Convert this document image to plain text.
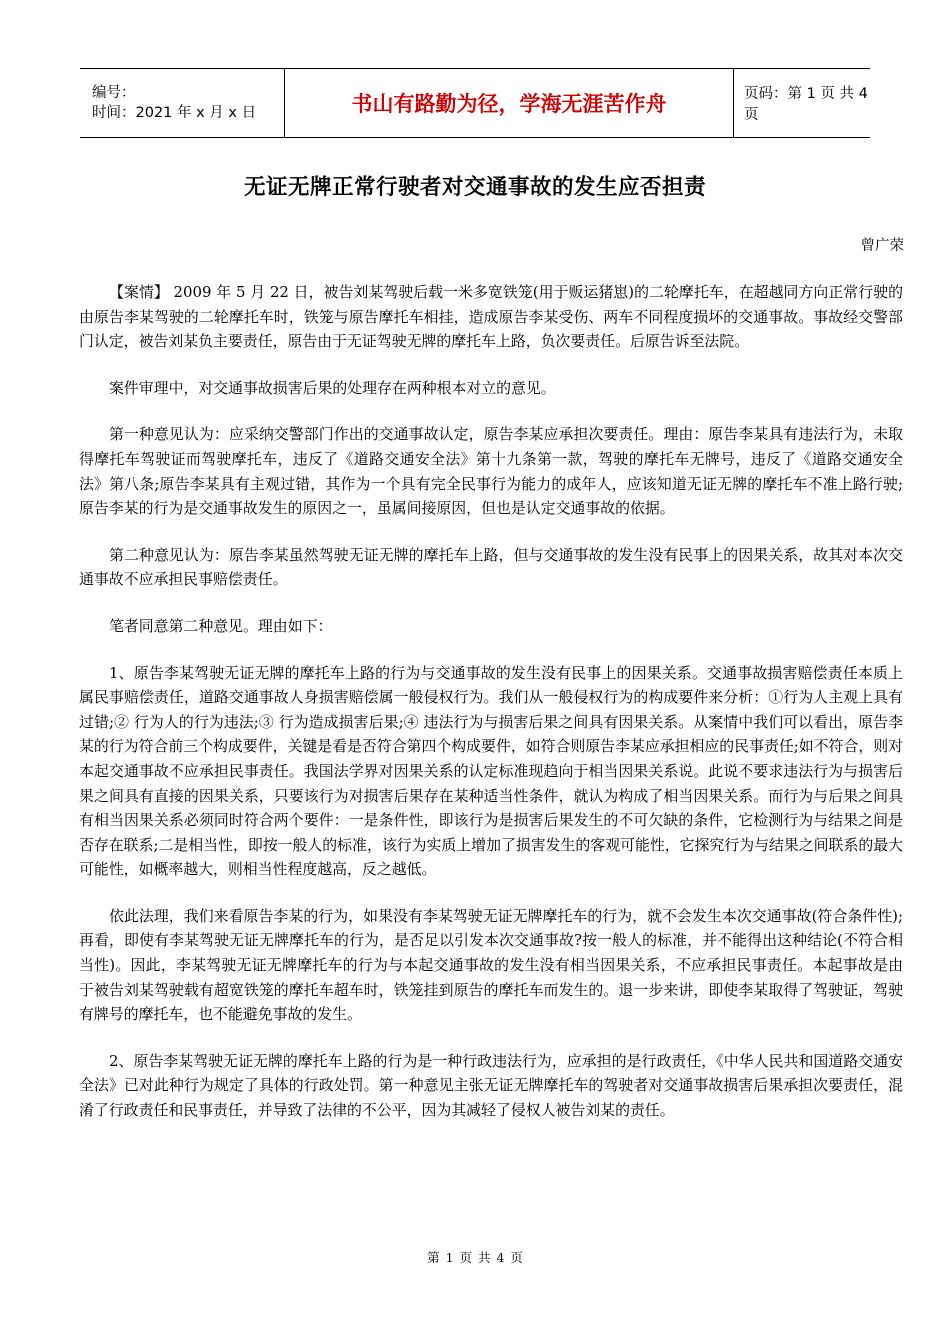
编号：
时间：2021 年 x 月 x 日	书山有路勤为径，学海无涯苦作舟	页码：第 1 页 共 4 页
无证无牌正常行驶者对交通事故的发生应否担责
曾广荣

【案情】 2009 年 5 月 22 日，被告刘某驾驶后载一米多宽铁笼(用于贩运猪崽)的二轮摩托车，在超越同方向正常行驶的由原告李某驾驶的二轮摩托车时，铁笼与原告摩托车相挂，造成原告李某受伤、两车不同程度损坏的交通事故。事故经交警部门认定，被告刘某负主要责任，原告由于无证驾驶无牌的摩托车上路，负次要责任。后原告诉至法院。

案件审理中，对交通事故损害后果的处理存在两种根本对立的意见。

第一种意见认为：应采纳交警部门作出的交通事故认定，原告李某应承担次要责任。理由：原告李某具有违法行为，未取得摩托车驾驶证而驾驶摩托车，违反了《道路交通安全法》第十九条第一款，驾驶的摩托车无牌号，违反了《道路交通安全法》第八条;原告李某具有主观过错，其作为一个具有完全民事行为能力的成年人，应该知道无证无牌的摩托车不准上路行驶;原告李某的行为是交通事故发生的原因之一，虽属间接原因，但也是认定交通事故的依据。

第二种意见认为：原告李某虽然驾驶无证无牌的摩托车上路，但与交通事故的发生没有民事上的因果关系，故其对本次交通事故不应承担民事赔偿责任。

笔者同意第二种意见。理由如下：

1、原告李某驾驶无证无牌的摩托车上路的行为与交通事故的发生没有民事上的因果关系。交通事故损害赔偿责任本质上属民事赔偿责任，道路交通事故人身损害赔偿属一般侵权行为。我们从一般侵权行为的构成要件来分析：①行为人主观上具有过错;② 行为人的行为违法;③ 行为造成损害后果;④ 违法行为与损害后果之间具有因果关系。从案情中我们可以看出，原告李某的行为符合前三个构成要件，关键是看是否符合第四个构成要件，如符合则原告李某应承担相应的民事责任;如不符合，则对本起交通事故不应承担民事责任。我国法学界对因果关系的认定标准现趋向于相当因果关系说。此说不要求违法行为与损害后果之间具有直接的因果关系，只要该行为对损害后果存在某种适当性条件，就认为构成了相当因果关系。而行为与后果之间具有相当因果关系必须同时符合两个要件：一是条件性，即该行为是损害后果发生的不可欠缺的条件，它检测行为与结果之间是否存在联系;二是相当性，即按一般人的标准，该行为实质上增加了损害发生的客观可能性，它探究行为与结果之间联系的最大可能性，如概率越大，则相当性程度越高，反之越低。

依此法理，我们来看原告李某的行为，如果没有李某驾驶无证无牌摩托车的行为，就不会发生本次交通事故(符合条件性);再看，即使有李某驾驶无证无牌摩托车的行为，是否足以引发本次交通事故?按一般人的标准，并不能得出这种结论(不符合相当性)。因此，李某驾驶无证无牌摩托车的行为与本起交通事故的发生没有相当因果关系，不应承担民事责任。本起事故是由于被告刘某驾驶载有超宽铁笼的摩托车超车时，铁笼挂到原告的摩托车而发生的。退一步来讲，即使李某取得了驾驶证，驾驶有牌号的摩托车，也不能避免事故的发生。

2、原告李某驾驶无证无牌的摩托车上路的行为是一种行政违法行为，应承担的是行政责任，《中华人民共和国道路交通安全法》已对此种行为规定了具体的行政处罚。第一种意见主张无证无牌摩托车的驾驶者对交通事故损害后果承担次要责任，混淆了行政责任和民事责任，并导致了法律的不公平，因为其减轻了侵权人被告刘某的责任。

第 1 页 共 4 页
